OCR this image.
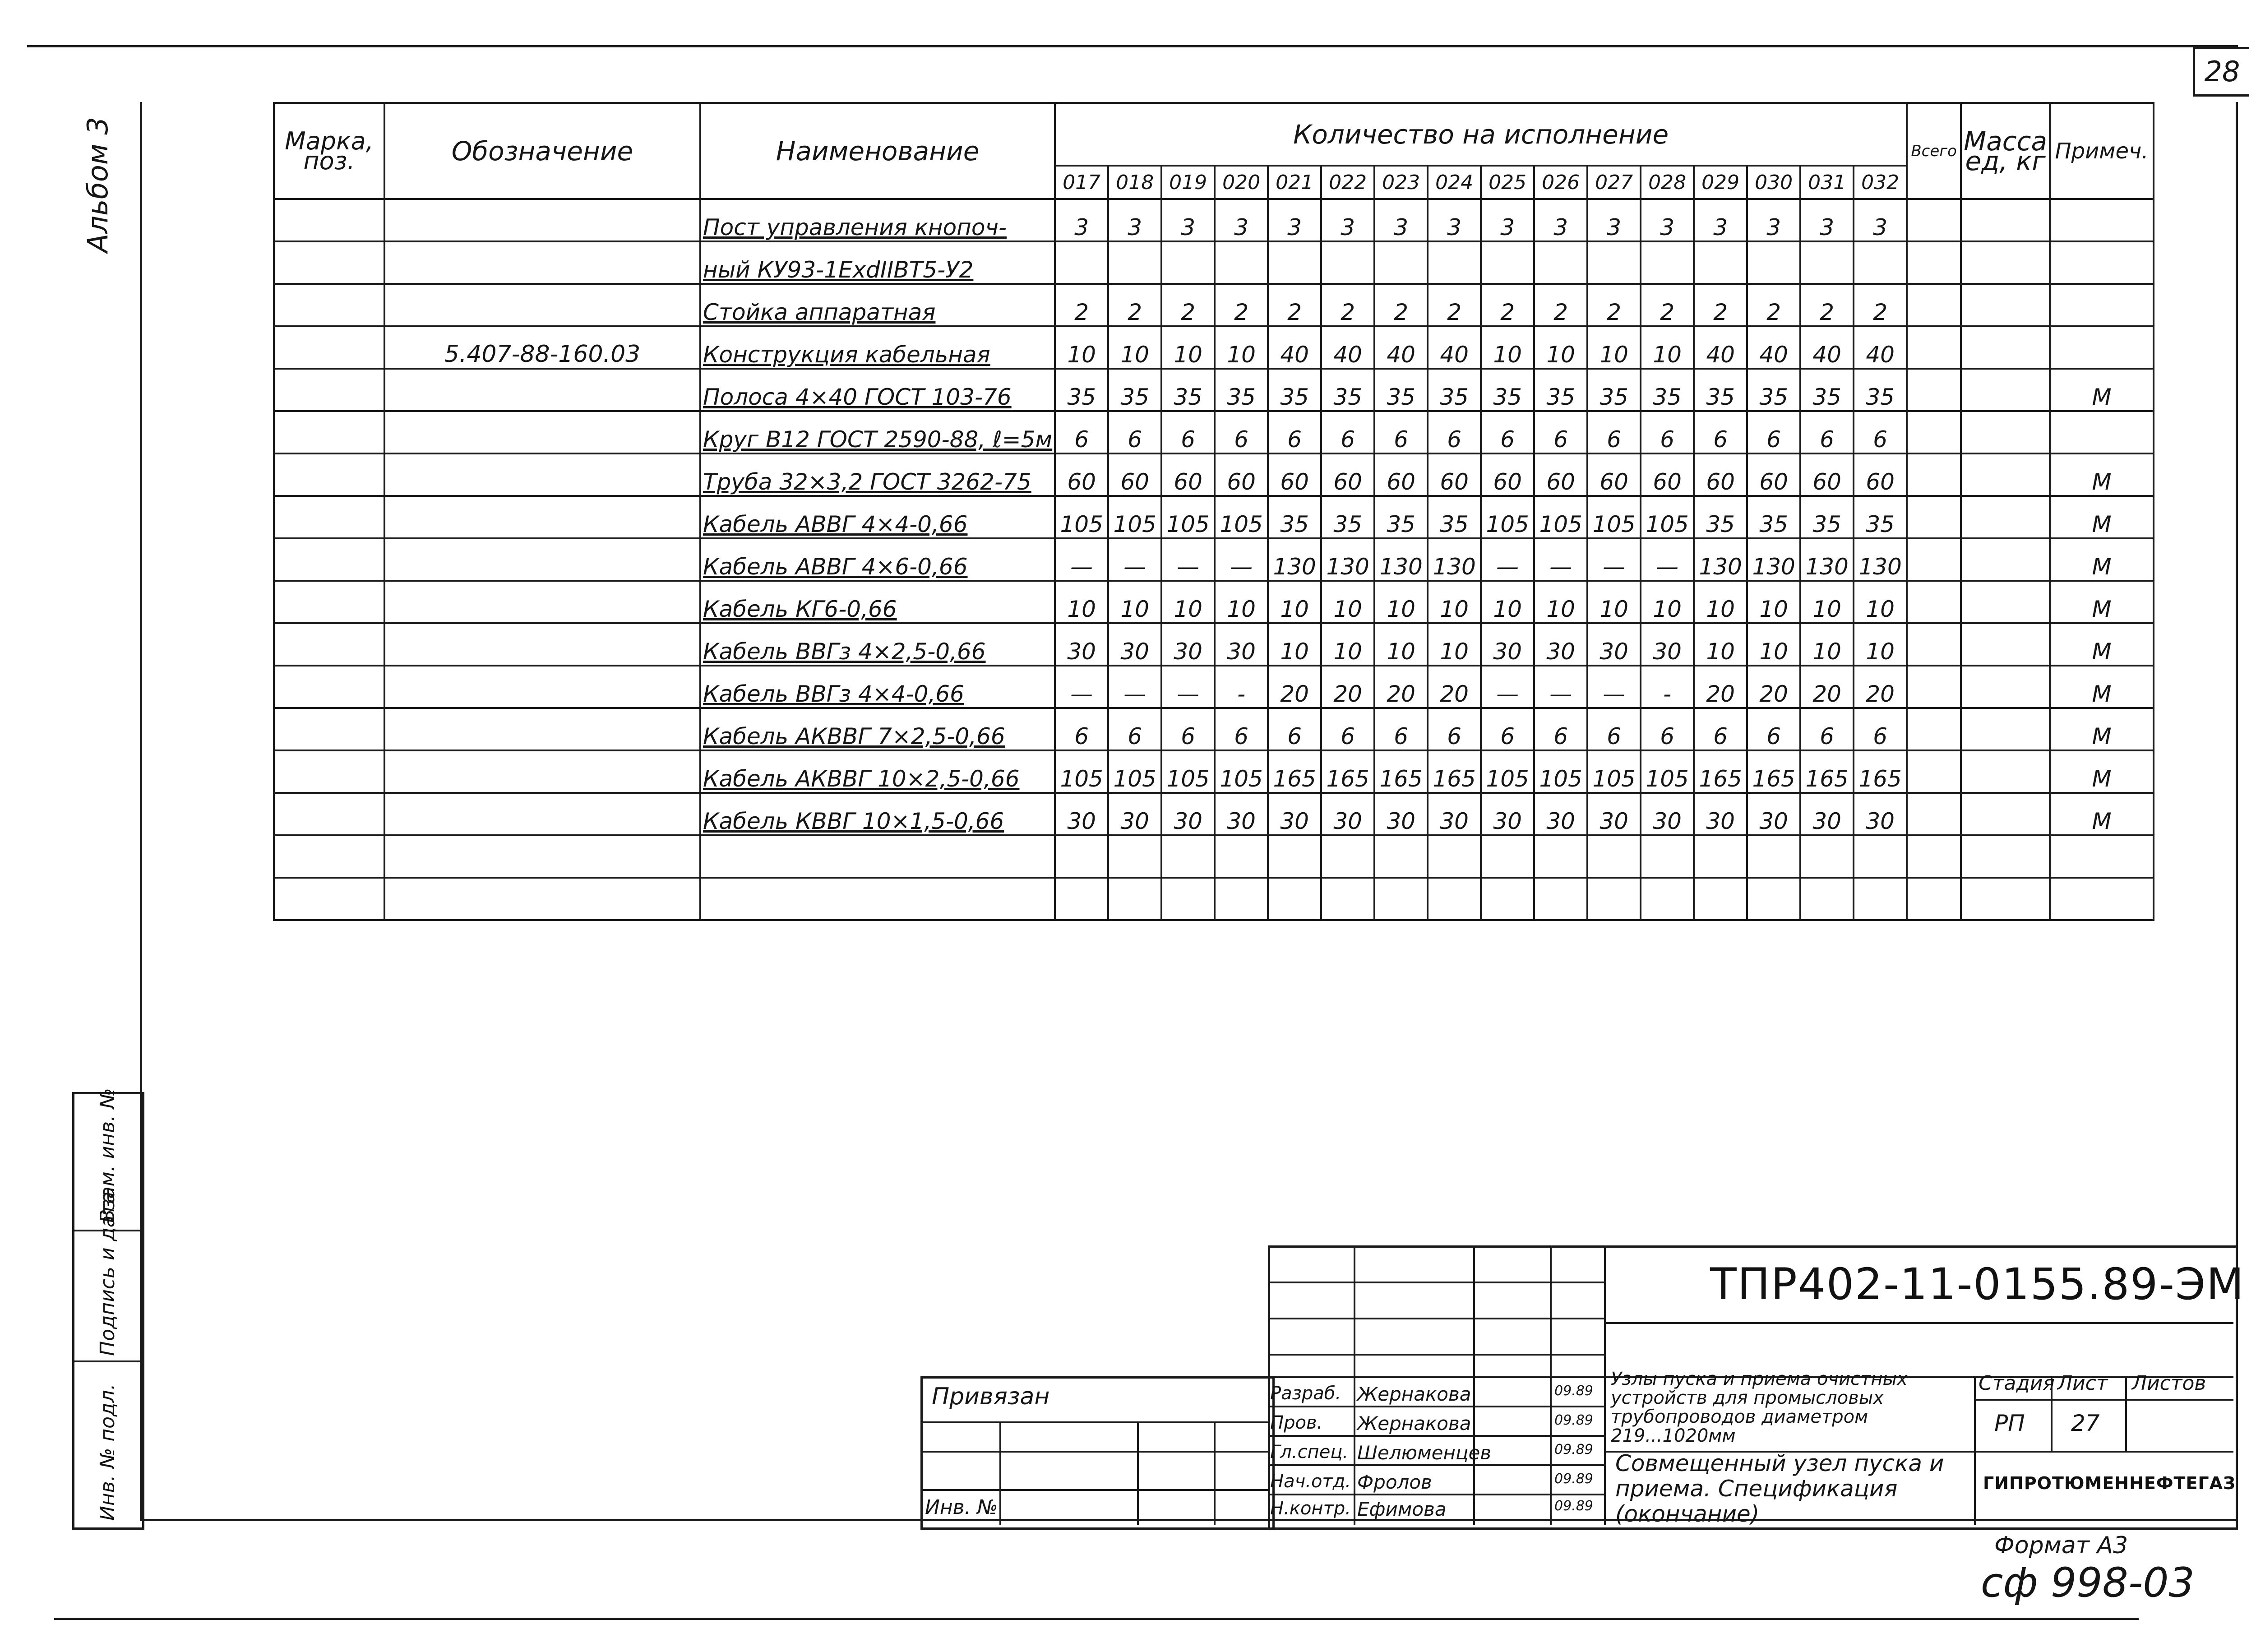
28
Альбом 3	Марка, поз.	Обозначение	Наименование	Количество на исполнение																Всего	Масса ед, кг	Примеч.
			017	018	019	020	021	022	023	024	025	026	027	028	029	030	031	032			
		Пост управления кнопоч-	3	3	3	3	3	3	3	3	3	3	3	3	3	3	3	3			
		ный КУ93-1ExdIIВТ5-У2																			
		Стойка аппаратная	2	2	2	2	2	2	2	2	2	2	2	2	2	2	2	2			
	5.407-88-160.03	Конструкция кабельная	10	10	10	10	40	40	40	40	10	10	10	10	40	40	40	40			
		Полоса 4×40 ГОСТ 103-76	35	35	35	35	35	35	35	35	35	35	35	35	35	35	35	35			М
		Круг В12 ГОСТ 2590-88, ℓ=5м	6	6	6	6	6	6	6	6	6	6	6	6	6	6	6	6			
		Труба 32×3,2 ГОСТ 3262-75	60	60	60	60	60	60	60	60	60	60	60	60	60	60	60	60			М
		Кабель АВВГ 4×4-0,66	105	105	105	105	35	35	35	35	105	105	105	105	35	35	35	35			М
		Кабель АВВГ 4×6-0,66	—	—	—	—	130	130	130	130	—	—	—	—	130	130	130	130			М
		Кабель КГ6-0,66	10	10	10	10	10	10	10	10	10	10	10	10	10	10	10	10			М
		Кабель ВВГз 4×2,5-0,66	30	30	30	30	10	10	10	10	30	30	30	30	10	10	10	10			М
		Кабель ВВГз 4×4-0,66	—	—	—	-	20	20	20	20	—	—	—	-	20	20	20	20			М
		Кабель АКВВГ 7×2,5-0,66	6	6	6	6	6	6	6	6	6	6	6	6	6	6	6	6			М
		Кабель АКВВГ 10×2,5-0,66	105	105	105	105	165	165	165	165	105	105	105	105	165	165	165	165			М
		Кабель КВВГ 10×1,5-0,66	30	30	30	30	30	30	30	30	30	30	30	30	30	30	30	30			М

Инв. № подл.
Подпись и дата
Взам. инв. №
ТПР402-11-0155.89-ЭМ
Узлы пуска и приема очистных устройств для промысловых трубопроводов диаметром 219...1020мм
Совмещенный узел пуска и приема. Спецификация (окончание)
Стадия Лист Листов
РП 27
ГИПРОТЮМЕННЕФТЕГАЗ
Привязан
Инв. №
Разраб. Жернакова	09.89
Пров. Жернакова	09.89
Гл.спец. Шелюменцев	09.89
Нач.отд. Фролов	09.89
Н.контр. Ефимова	09.89
Формат А3
сф 998-03
